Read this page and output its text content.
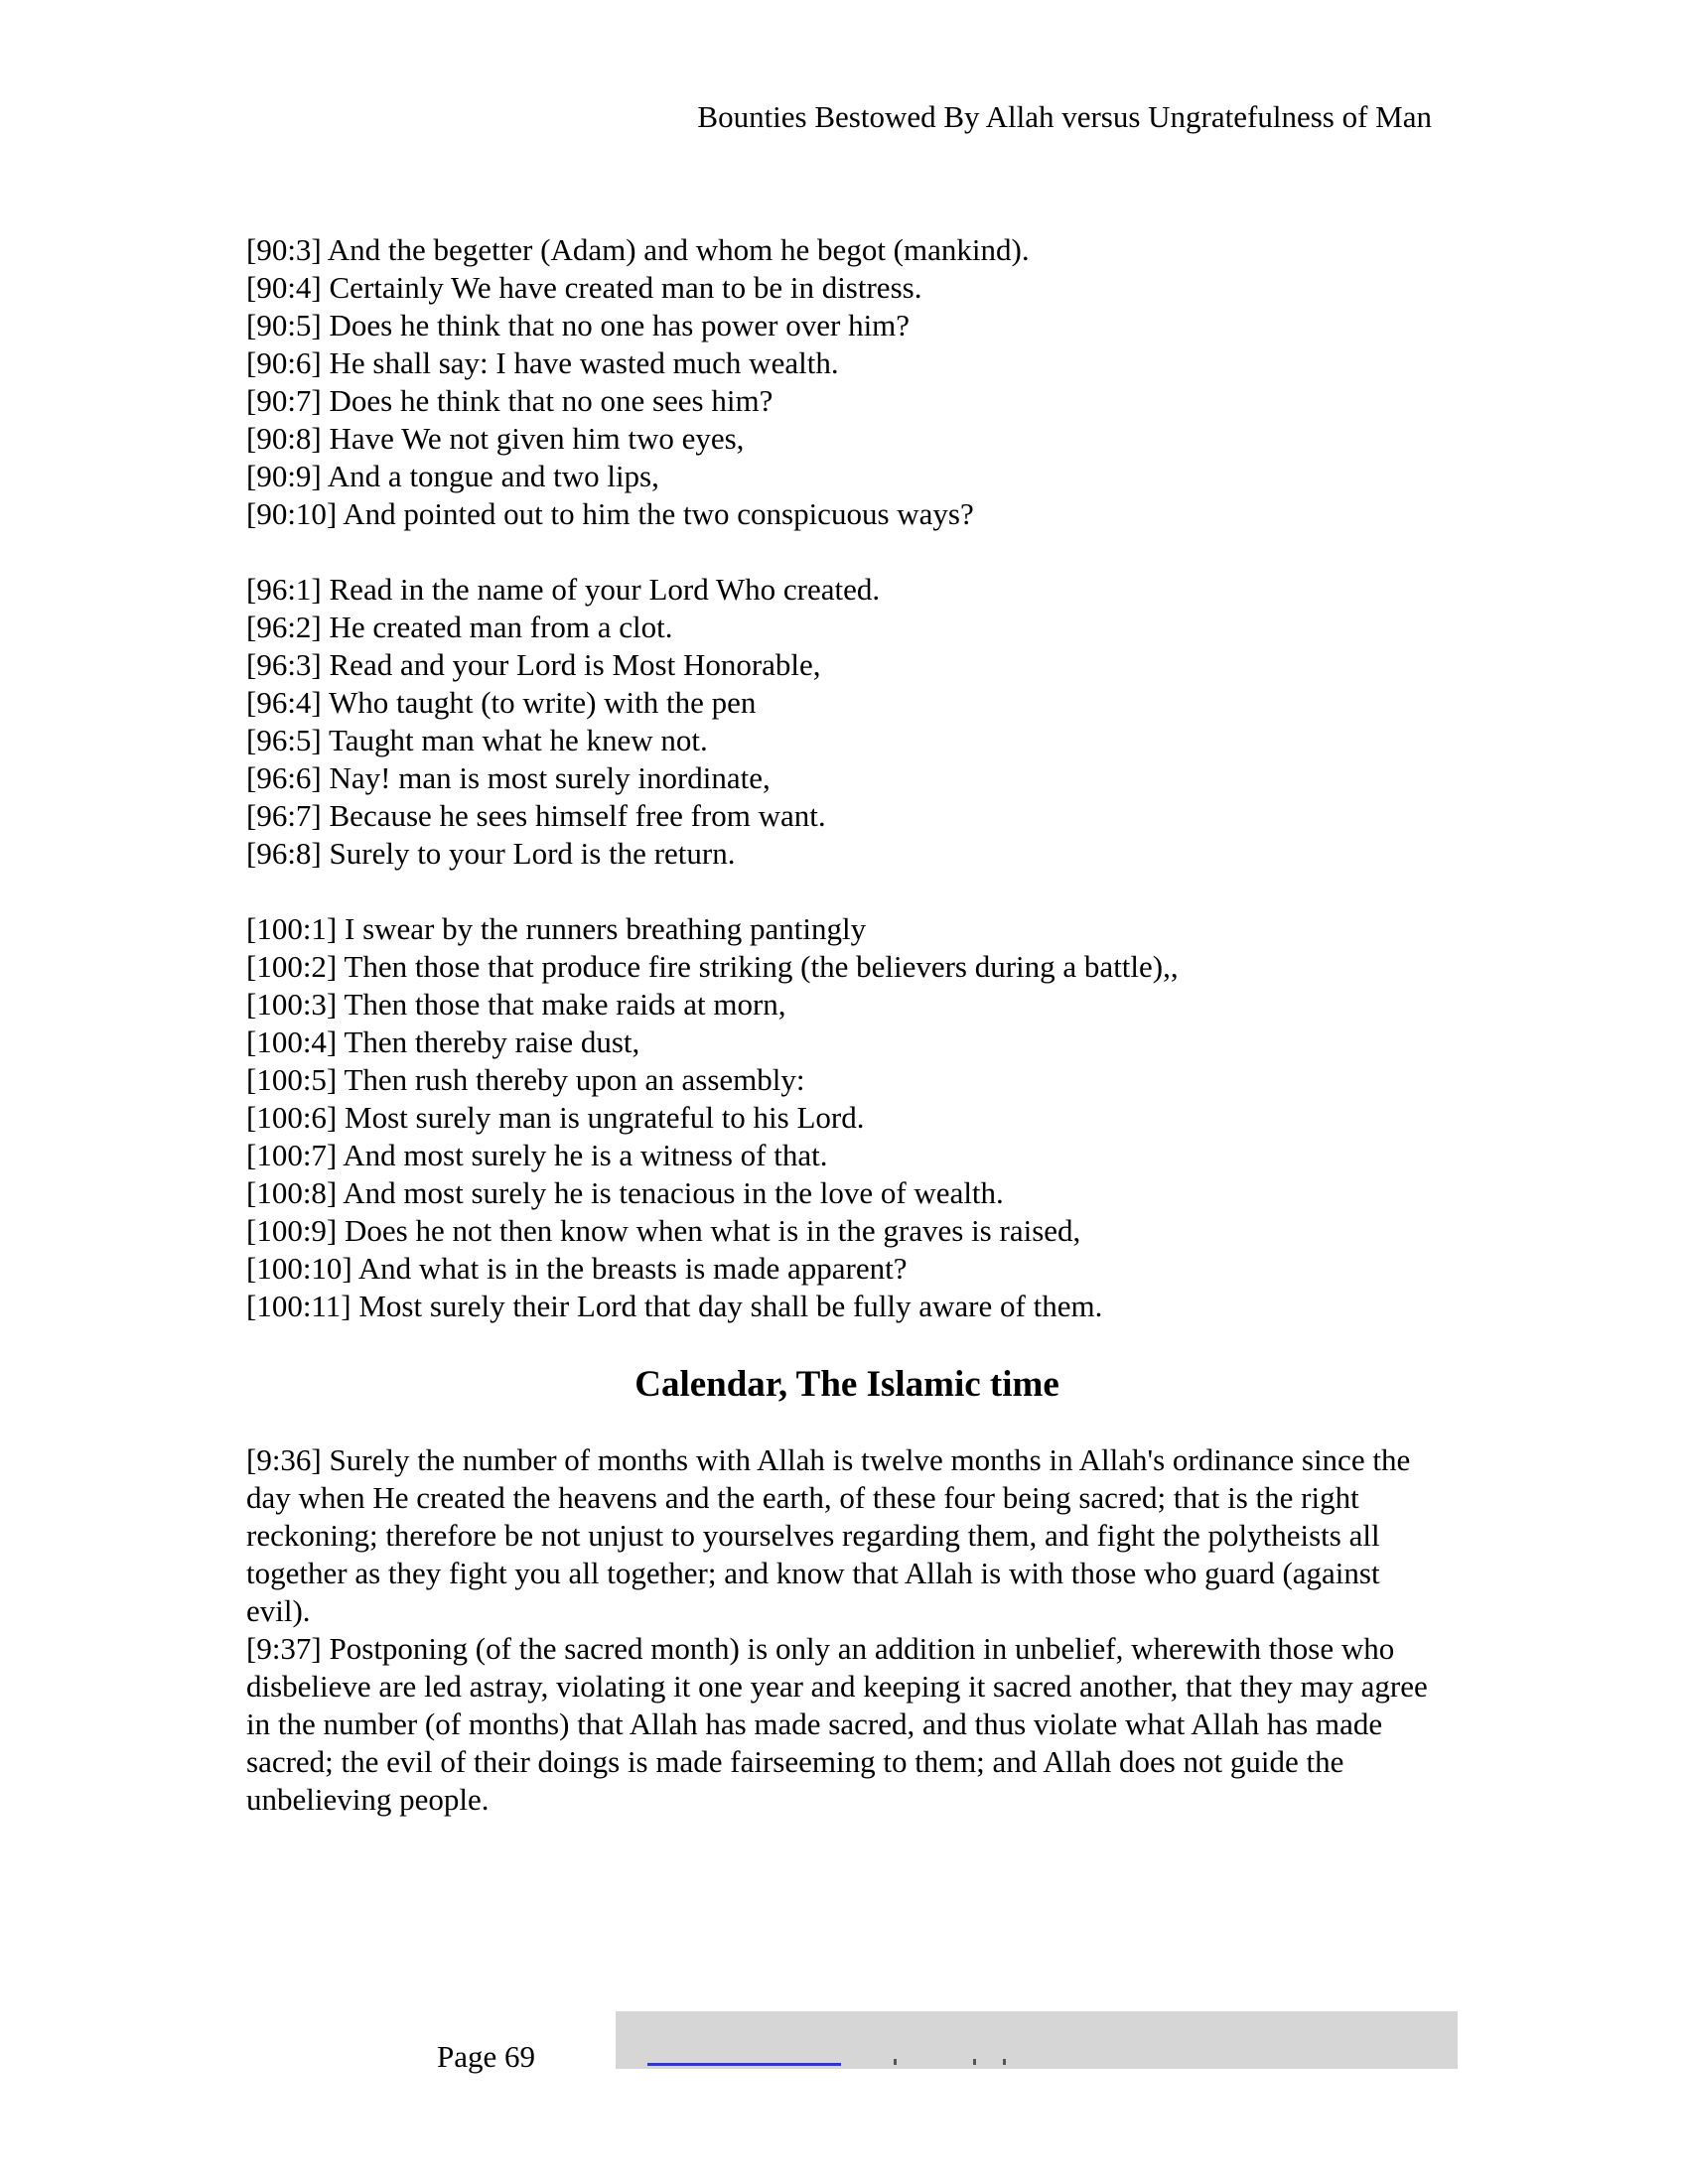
Bounties Bestowed By Allah versus Ungratefulness of Man
[90:3] And the begetter (Adam) and whom he begot (mankind).
[90:4] Certainly We have created man to be in distress.
[90:5] Does he think that no one has power over him?
[90:6] He shall say: I have wasted much wealth.
[90:7] Does he think that no one sees him?
[90:8] Have We not given him two eyes,
[90:9] And a tongue and two lips,
[90:10] And pointed out to him the two conspicuous ways?
[96:1] Read in the name of your Lord Who created.
[96:2] He created man from a clot.
[96:3] Read and your Lord is Most Honorable,
[96:4] Who taught (to write) with the pen
[96:5] Taught man what he knew not.
[96:6] Nay! man is most surely inordinate,
[96:7] Because he sees himself free from want.
[96:8] Surely to your Lord is the return.
[100:1] I swear by the runners breathing pantingly
[100:2] Then those that produce fire striking (the believers during a battle),,
[100:3] Then those that make raids at morn,
[100:4] Then thereby raise dust,
[100:5] Then rush thereby upon an assembly:
[100:6] Most surely man is ungrateful to his Lord.
[100:7] And most surely he is a witness of that.
[100:8] And most surely he is tenacious in the love of wealth.
[100:9] Does he not then know when what is in the graves is raised,
[100:10] And what is in the breasts is made apparent?
[100:11] Most surely their Lord that day shall be fully aware of them.
Calendar, The Islamic time

[9:36] Surely the number of months with Allah is twelve months in Allah's ordinance since the day when He created the heavens and the earth, of these four being sacred; that is the right reckoning; therefore be not unjust to yourselves regarding them, and fight the polytheists all together as they fight you all together; and know that Allah is with those who guard (against evil).

[9:37] Postponing (of the sacred month) is only an addition in unbelief, wherewith those who disbelieve are led astray, violating it one year and keeping it sacred another, that they may agree in the number (of months) that Allah has made sacred, and thus violate what Allah has made sacred; the evil of their doings is made fairseeming to them; and Allah does not guide the unbelieving people.

Page 69
